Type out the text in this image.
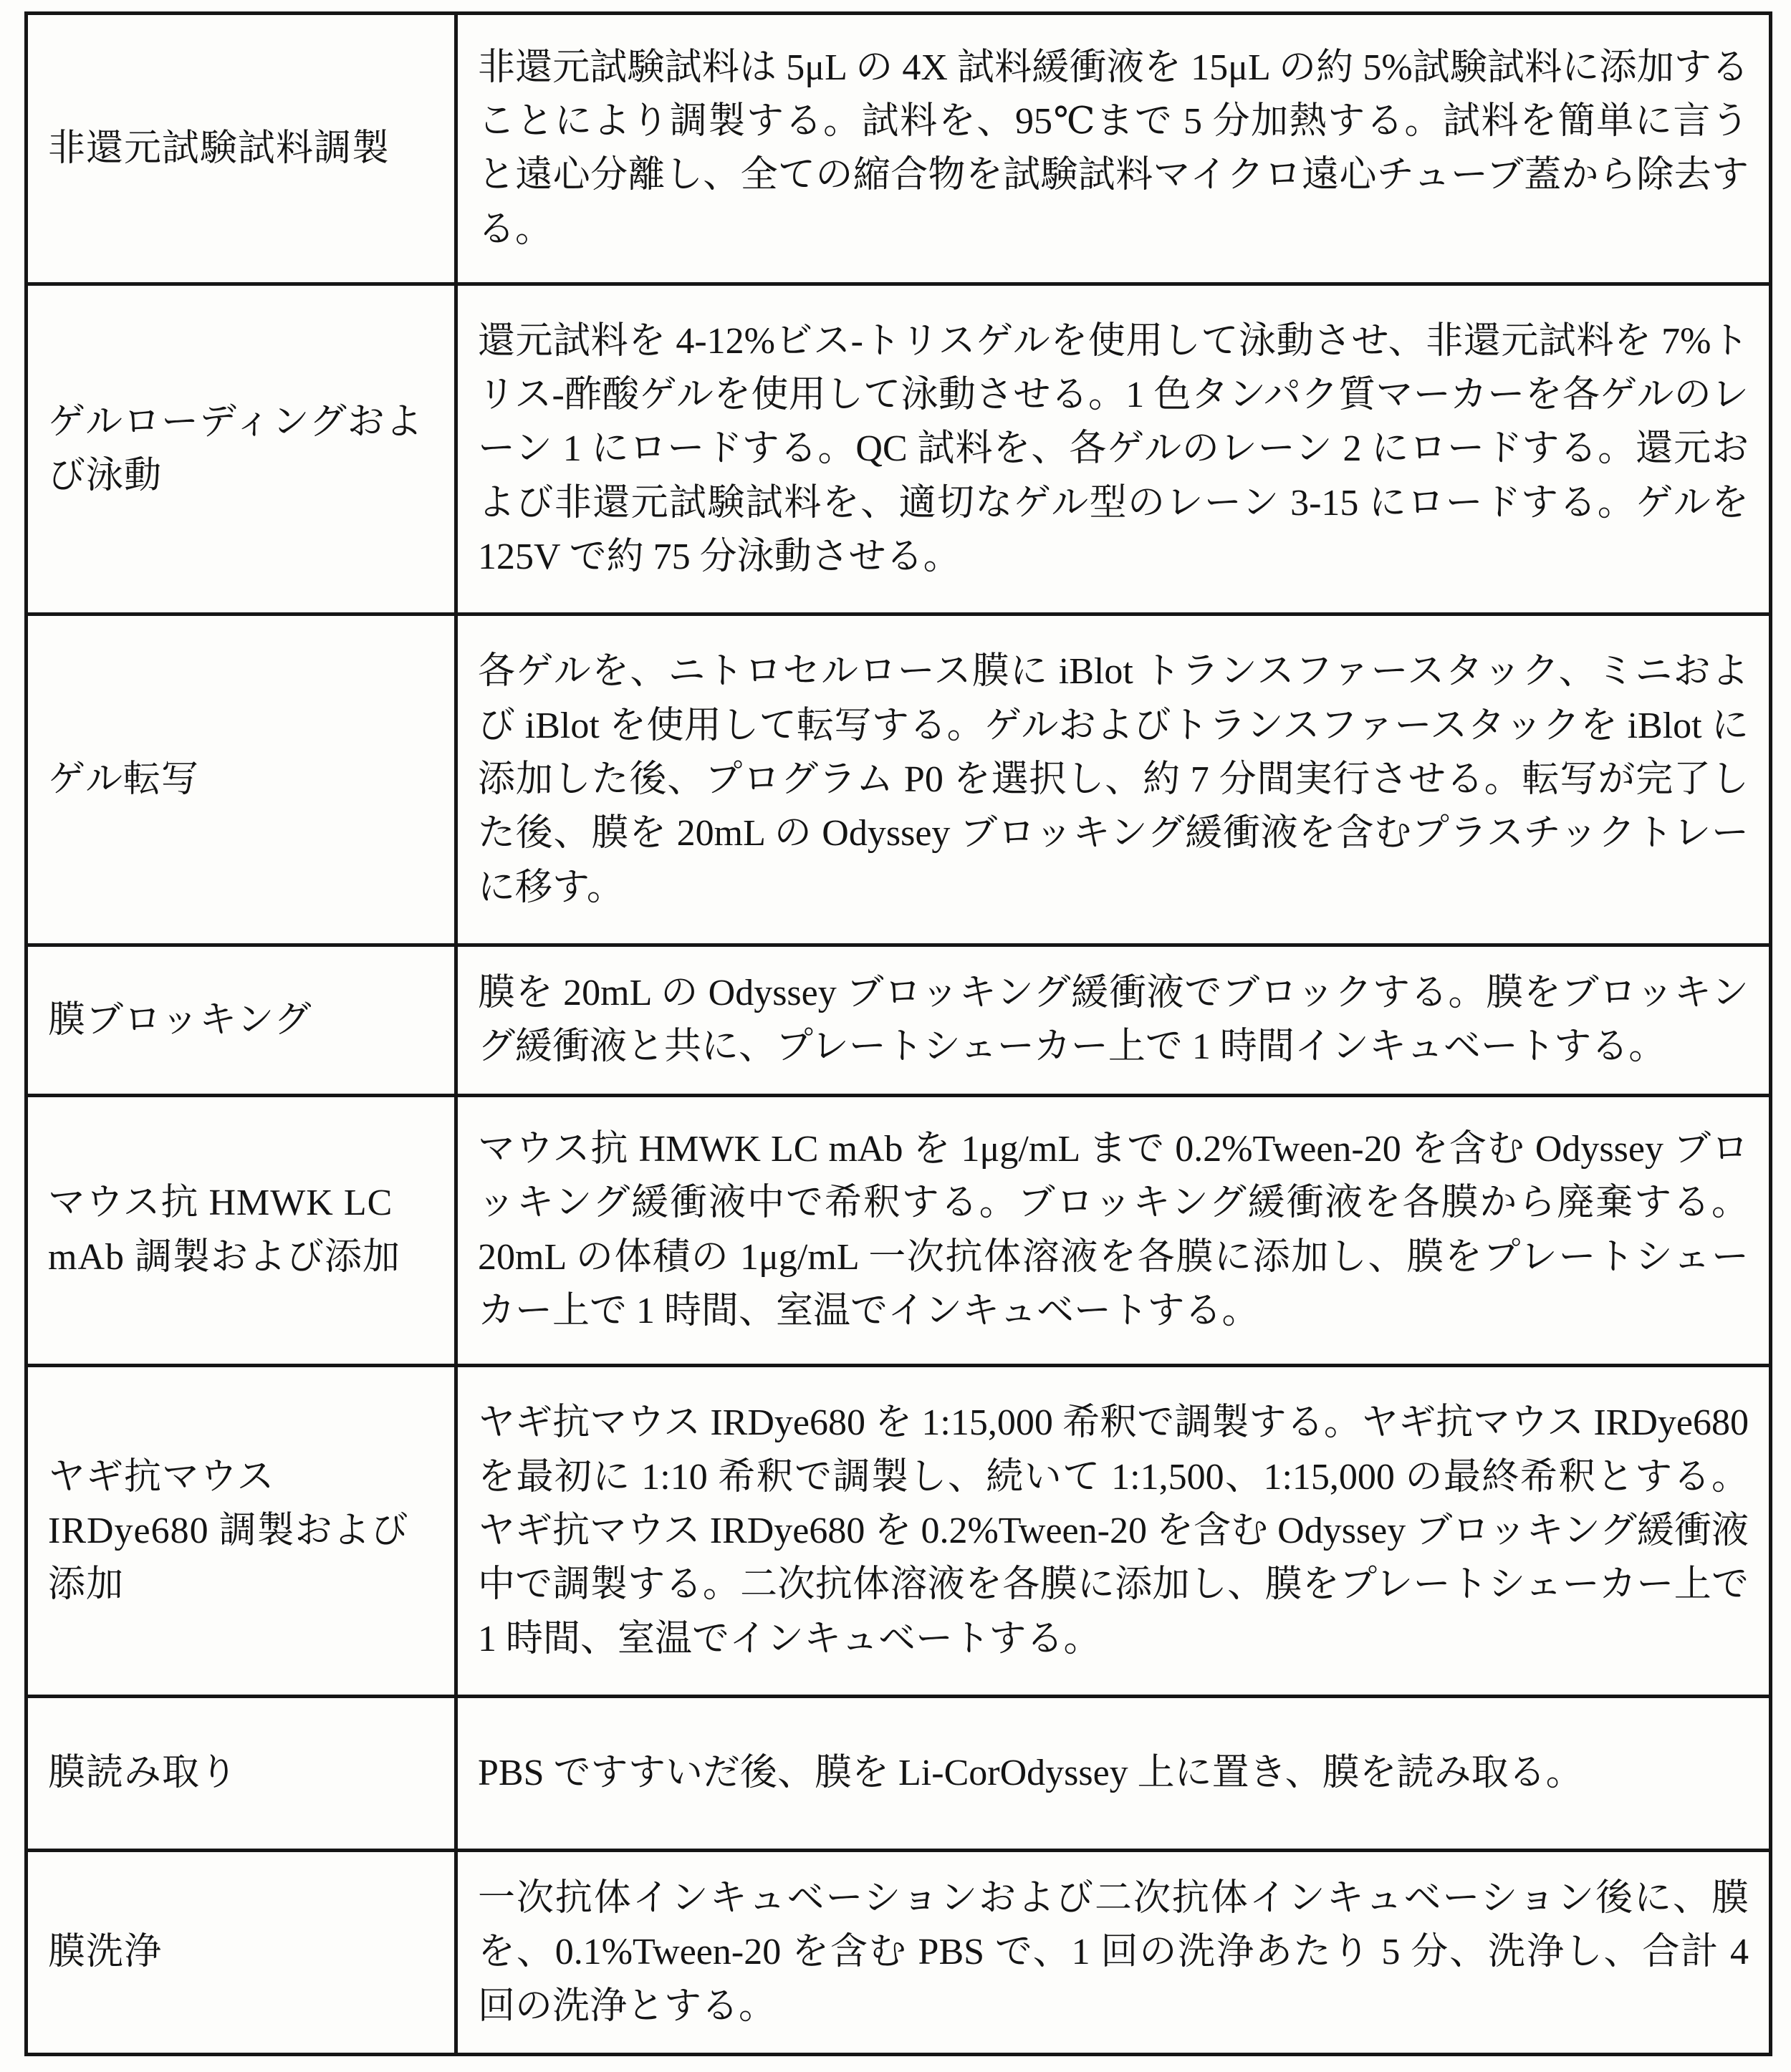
非還元試験試料調製	非還元試験試料は 5μL の 4X 試料緩衝液を 15μL の約 5%試験試料に添加することにより調製する。試料を、95℃まで 5 分加熱する。試料を簡単に言うと遠心分離し、全ての縮合物を試験試料マイクロ遠心チューブ蓋から除去する。
ゲルローディングおよび泳動	還元試料を 4-12%ビス-トリスゲルを使用して泳動させ、非還元試料を 7%トリス-酢酸ゲルを使用して泳動させる。1 色タンパク質マーカーを各ゲルのレーン 1 にロードする。QC 試料を、各ゲルのレーン 2 にロードする。還元および非還元試験試料を、適切なゲル型のレーン 3-15 にロードする。ゲルを 125V で約 75 分泳動させる。
ゲル転写	各ゲルを、ニトロセルロース膜に iBlot トランスファースタック、ミニおよび iBlot を使用して転写する。ゲルおよびトランスファースタックを iBlot に添加した後、プログラム P0 を選択し、約 7 分間実行させる。転写が完了した後、膜を 20mL の Odyssey ブロッキング緩衝液を含むプラスチックトレーに移す。
膜ブロッキング	膜を 20mL の Odyssey ブロッキング緩衝液でブロックする。膜をブロッキング緩衝液と共に、プレートシェーカー上で 1 時間インキュベートする。
マウス抗 HMWK LC mAb 調製および添加	マウス抗 HMWK LC mAb を 1μg/mL まで 0.2%Tween-20 を含む Odyssey ブロッキング緩衝液中で希釈する。ブロッキング緩衝液を各膜から廃棄する。20mL の体積の 1μg/mL 一次抗体溶液を各膜に添加し、膜をプレートシェーカー上で 1 時間、室温でインキュベートする。
ヤギ抗マウス IRDye680 調製および添加	ヤギ抗マウス IRDye680 を 1:15,000 希釈で調製する。ヤギ抗マウス IRDye680 を最初に 1:10 希釈で調製し、続いて 1:1,500、1:15,000 の最終希釈とする。ヤギ抗マウス IRDye680 を 0.2%Tween-20 を含む Odyssey ブロッキング緩衝液中で調製する。二次抗体溶液を各膜に添加し、膜をプレートシェーカー上で 1 時間、室温でインキュベートする。
膜読み取り	PBS ですすいだ後、膜を Li-CorOdyssey 上に置き、膜を読み取る。
膜洗浄	一次抗体インキュベーションおよび二次抗体インキュベーション後に、膜を、0.1%Tween-20 を含む PBS で、1 回の洗浄あたり 5 分、洗浄し、合計 4 回の洗浄とする。
